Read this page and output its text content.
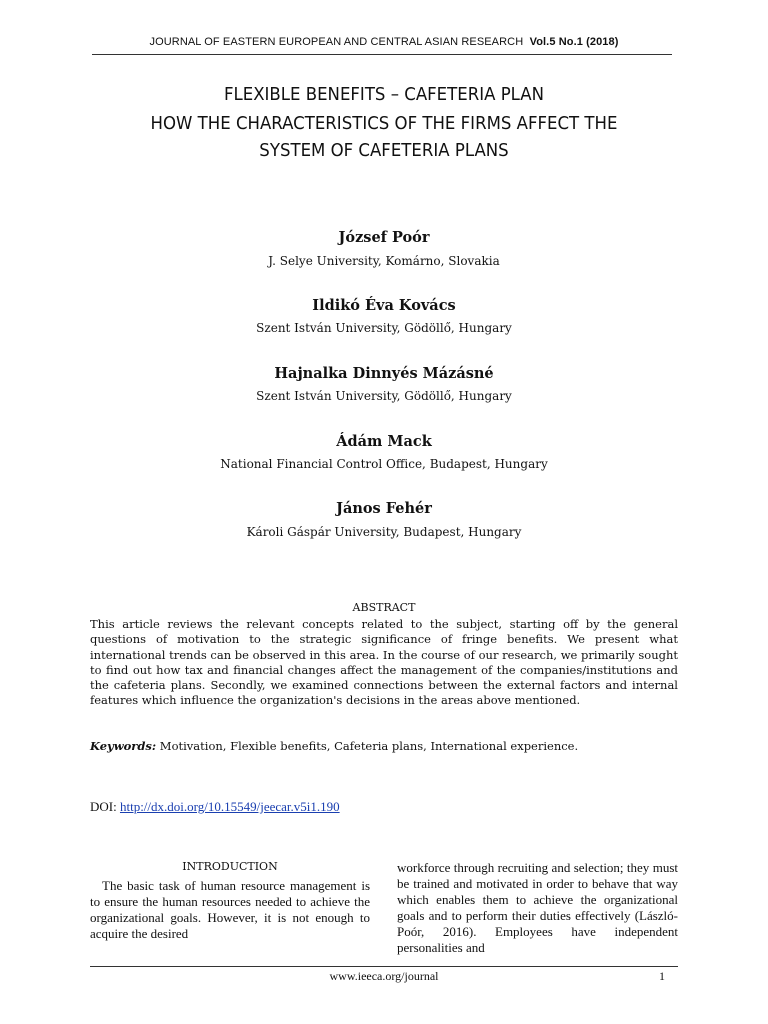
JOURNAL OF EASTERN EUROPEAN AND CENTRAL ASIAN RESEARCH Vol.5 No.1 (2018)
FLEXIBLE BENEFITS – CAFETERIA PLAN
HOW THE CHARACTERISTICS OF THE FIRMS AFFECT THE
SYSTEM OF CAFETERIA PLANS
József Poór
J. Selye University, Komárno, Slovakia
Ildikó Éva Kovács
Szent István University, Gödöllő, Hungary
Hajnalka Dinnyés Mázásné
Szent István University, Gödöllő, Hungary
Ádám Mack
National Financial Control Office, Budapest, Hungary
János Fehér
Károli Gáspár University, Budapest, Hungary
ABSTRACT
This article reviews the relevant concepts related to the subject, starting off by the general questions of motivation to the strategic significance of fringe benefits. We present what international trends can be observed in this area. In the course of our research, we primarily sought to find out how tax and financial changes affect the management of the companies/institutions and the cafeteria plans. Secondly, we examined connections between the external factors and internal features which influence the organization's decisions in the areas above mentioned.
Keywords: Motivation, Flexible benefits, Cafeteria plans, International experience.
DOI: http://dx.doi.org/10.15549/jeecar.v5i1.190
INTRODUCTION
The basic task of human resource management is to ensure the human resources needed to achieve the organizational goals. However, it is not enough to acquire the desired
workforce through recruiting and selection; they must be trained and motivated in order to behave that way which enables them to achieve the organizational goals and to perform their duties effectively (László-Poór, 2016). Employees have independent personalities and
www.ieeca.org/journal	1
